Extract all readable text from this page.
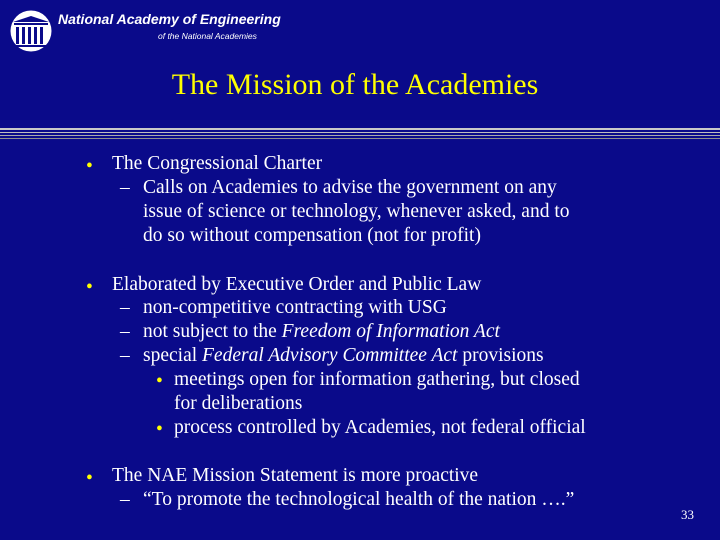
National Academy of Engineering
of the National Academies
The Mission of the Academies
• The Congressional Charter
– Calls on Academies to advise the government on any
issue of science or technology, whenever asked, and to
do so without compensation (not for profit)
• Elaborated by Executive Order and Public Law
– non-competitive contracting with USG
– not subject to the Freedom of Information Act
– special Federal Advisory Committee Act provisions
• meetings open for information gathering, but closed
for deliberations
• process controlled by Academies, not federal official
• The NAE Mission Statement is more proactive
– “To promote the technological health of the nation ….”
33
